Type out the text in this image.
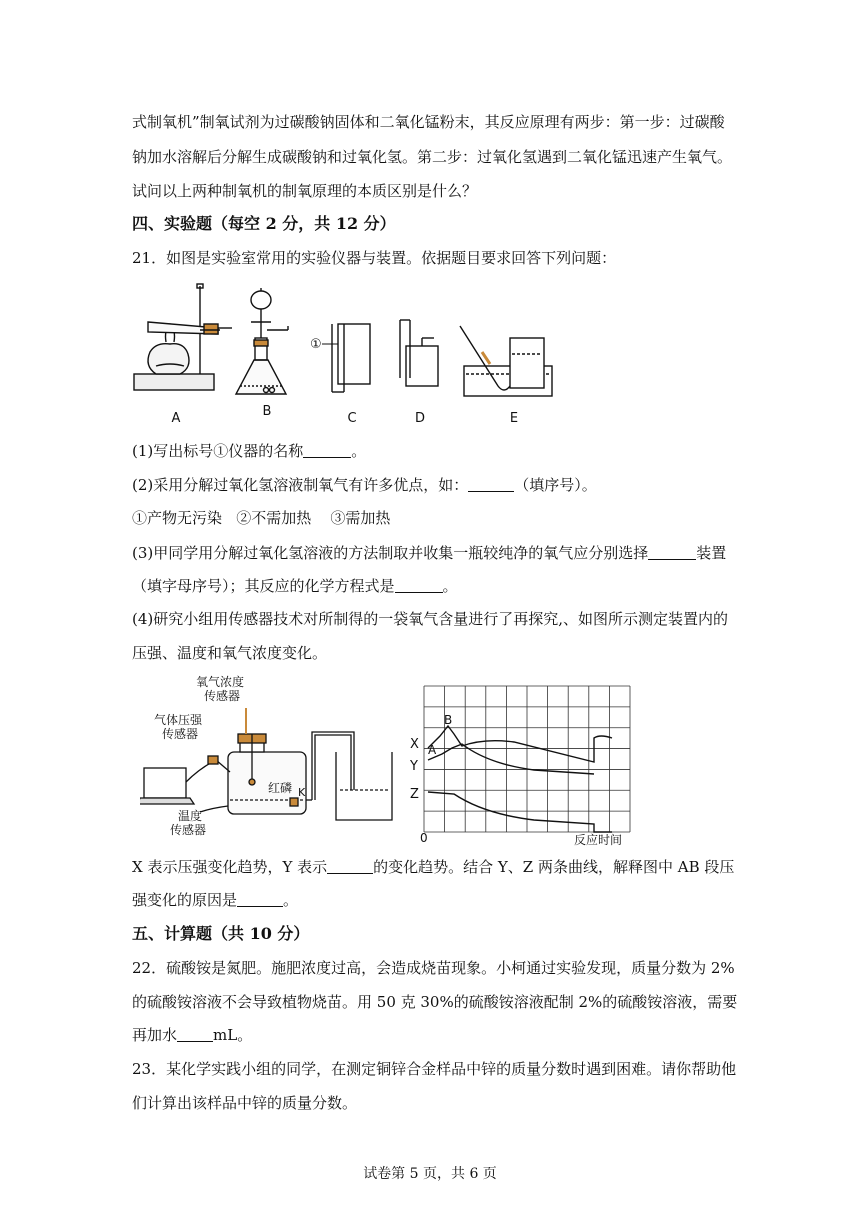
式制氧机”制氧试剂为过碳酸钠固体和二氧化锰粉末，其反应原理有两步：第一步：过碳酸
钠加水溶解后分解生成碳酸钠和过氧化氢。第二步：过氧化氢遇到二氧化锰迅速产生氧气。
试问以上两种制氧机的制氧原理的本质区别是什么？
四、实验题（每空 2 分，共 12 分）
21．如图是实验室常用的实验仪器与装置。依据题目要求回答下列问题：
①
A	B	C	D	E
(1)写出标号①仪器的名称	。
(2)采用分解过氧化氢溶液制氧气有许多优点，如：	（填序号）。
①产物无污染   ②不需加热    ③需加热
(3)甲同学用分解过氧化氢溶液的方法制取并收集一瓶较纯净的氧气应分别选择	装置
（填字母序号）；其反应的化学方程式是	。
(4)研究小组用传感器技术对所制得的一袋氧气含量进行了再探究,、如图所示测定装置内的
压强、温度和氧气浓度变化。
氧气浓度
传感器
气体压强
传感器
温度
传感器
红磷 K
X A
B
Y
Z
0	反应时间
X 表示压强变化趋势，Y 表示	的变化趋势。结合 Y、Z 两条曲线，解释图中 AB 段压
强变化的原因是	。
五、计算题（共 10 分）
22．硫酸铵是氮肥。施肥浓度过高，会造成烧苗现象。小柯通过实验发现，质量分数为 2%
的硫酸铵溶液不会导致植物烧苗。用 50 克 30%的硫酸铵溶液配制 2%的硫酸铵溶液，需要
再加水 mL。
23．某化学实践小组的同学，在测定铜锌合金样品中锌的质量分数时遇到困难。请你帮助他
们计算出该样品中锌的质量分数。
试卷第 5 页，共 6 页
